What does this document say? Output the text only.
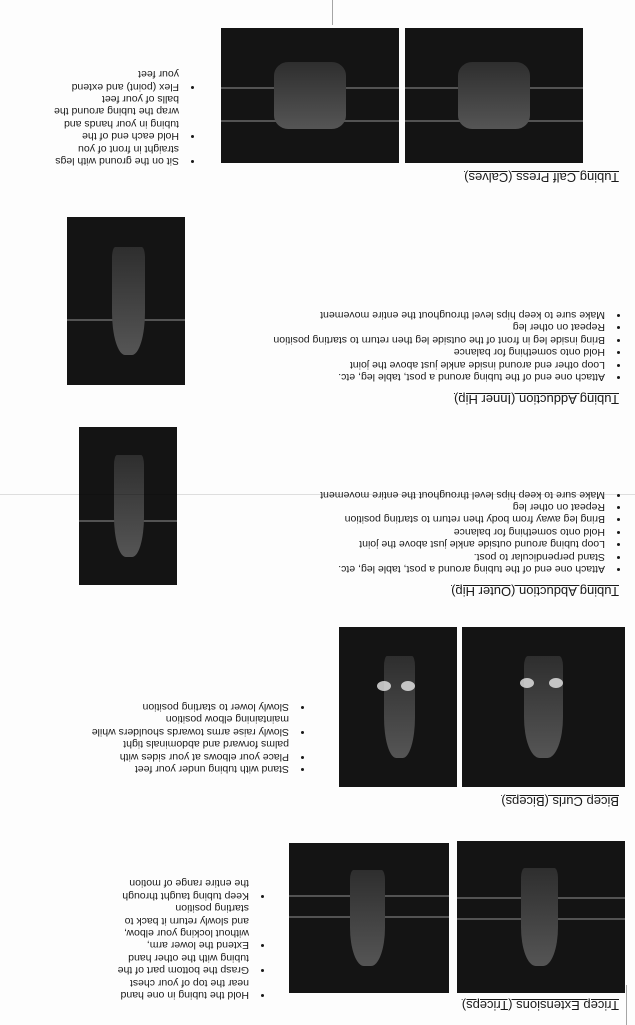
Tricep Extensions (Triceps)
• Hold the tubing in one hand near the top of your chest
• Grasp the bottom part of the tubing with the other hand
• Extend the lower arm, without locking your elbow, and slowly return it back to starting position
• Keep tubing taught through the entire range of motion
Bicep Curls (Biceps)
• Stand with tubing under your feet
• Place your elbows at your sides with palms forward and abdominals tight
• Slowly raise arms towards shoulders while maintaining elbow position
• Slowly lower to starting position
Tubing Abduction (Outer Hip)
• Attach one end of the tubing around a post, table leg, etc.
• Stand perpendicular to post.
• Loop tubing around outside ankle just above the joint
• Hold onto something for balance
• Bring leg away from body then return to starting position
• Repeat on other leg
• Make sure to keep hips level throughout the entire movement
Tubing Adduction (Inner Hip)
• Attach one end of the tubing around a post, table leg, etc.
• Loop other end around inside ankle just above the joint
• Hold onto something for balance
• Bring inside leg in front of the outside leg then return to starting position
• Repeat on other leg
• Make sure to keep hips level throughout the entire movement
Tubing Calf Press (Calves)
• Sit on the ground with legs straight in front of you
• Hold each end of the tubing in your hands and wrap the tubing around the balls of your feet
• Flex (point) and extend your feet
